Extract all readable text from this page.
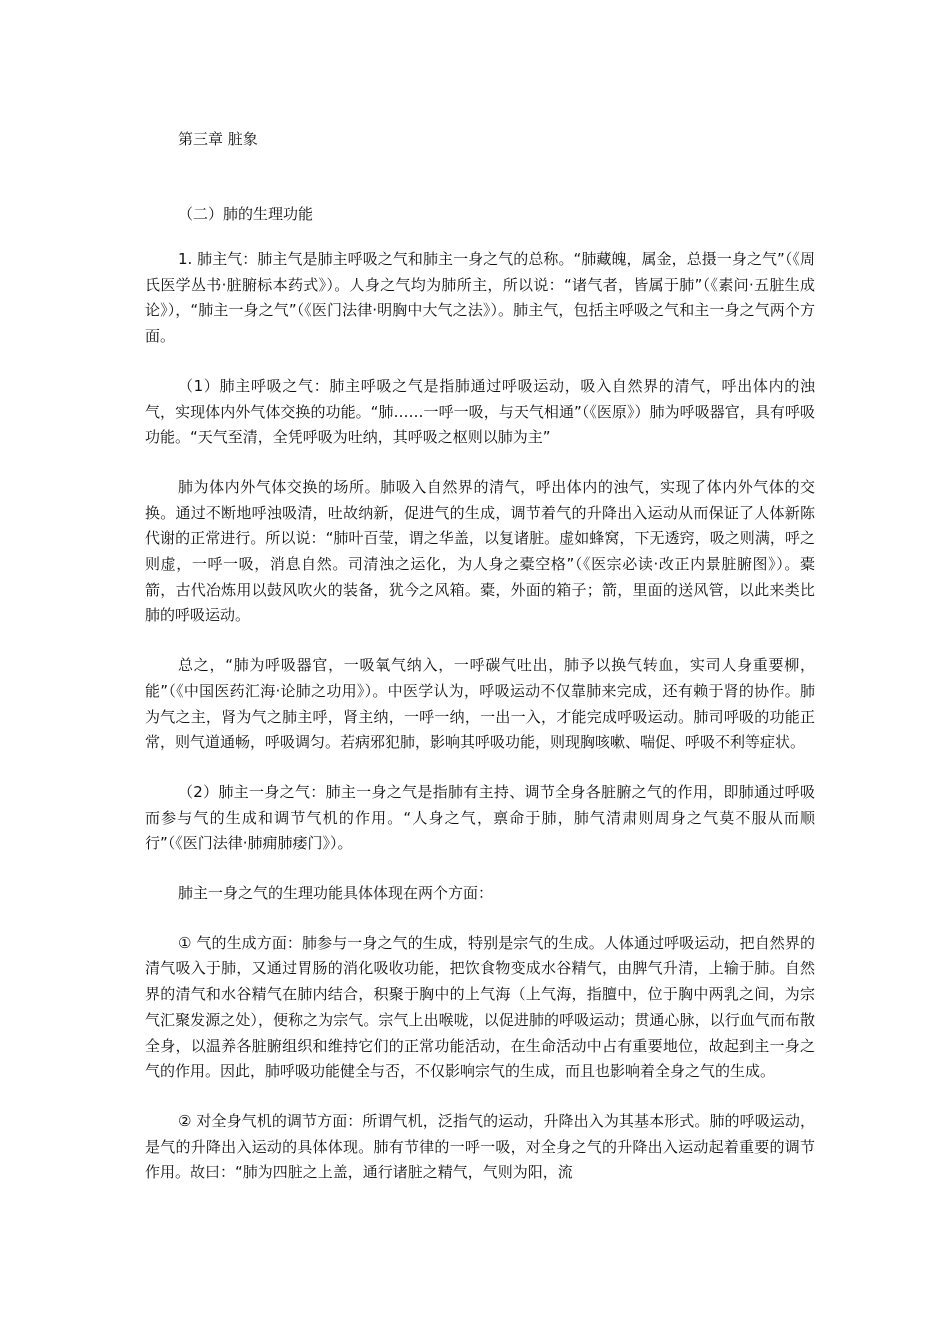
第三章 脏象
（二）肺的生理功能

1. 肺主气：肺主气是肺主呼吸之气和肺主一身之气的总称。“肺藏魄，属金，总摄一身之气”（《周氏医学丛书·脏腑标本药式》）。人身之气均为肺所主，所以说：“诸气者，皆属于肺”（《素问·五脏生成论》），“肺主一身之气”（《医门法律·明胸中大气之法》）。肺主气，包括主呼吸之气和主一身之气两个方面。

（1）肺主呼吸之气：肺主呼吸之气是指肺通过呼吸运动，吸入自然界的清气，呼出体内的浊气，实现体内外气体交换的功能。“肺……一呼一吸，与天气相通”（《医原》）肺为呼吸器官，具有呼吸功能。“天气至清，全凭呼吸为吐纳，其呼吸之枢则以肺为主”

肺为体内外气体交换的场所。肺吸入自然界的清气，呼出体内的浊气，实现了体内外气体的交换。通过不断地呼浊吸清，吐故纳新，促进气的生成，调节着气的升降出入运动从而保证了人体新陈代谢的正常进行。所以说：“肺叶百莹，谓之华盖，以复诸脏。虚如蜂窝，下无透窍，吸之则满，呼之则虚，一呼一吸，消息自然。司清浊之运化，为人身之橐空格”（《医宗必读·改正内景脏腑图》）。橐箭，古代冶炼用以鼓风吹火的装备，犹今之风箱。橐，外面的箱子；箭，里面的送风管，以此来类比肺的呼吸运动。

总之，“肺为呼吸器官，一吸氧气纳入，一呼碳气吐出，肺予以换气转血，实司人身重要柳，能”（《中国医药汇海·论肺之功用》）。中医学认为，呼吸运动不仅靠肺来完成，还有赖于肾的协作。肺为气之主，肾为气之肺主呼，肾主纳，一呼一纳，一出一入，才能完成呼吸运动。肺司呼吸的功能正常，则气道通畅，呼吸调匀。若病邪犯肺，影响其呼吸功能，则现胸咳嗽、喘促、呼吸不利等症状。

（2）肺主一身之气：肺主一身之气是指肺有主持、调节全身各脏腑之气的作用，即肺通过呼吸而参与气的生成和调节气机的作用。“人身之气，禀命于肺，肺气清肃则周身之气莫不服从而顺行”（《医门法律·肺痈肺痿门》）。

肺主一身之气的生理功能具体体现在两个方面：

① 气的生成方面：肺参与一身之气的生成，特别是宗气的生成。人体通过呼吸运动，把自然界的清气吸入于肺，又通过胃肠的消化吸收功能，把饮食物变成水谷精气，由脾气升清，上输于肺。自然界的清气和水谷精气在肺内结合，积聚于胸中的上气海（上气海，指膻中，位于胸中两乳之间，为宗气汇聚发源之处），便称之为宗气。宗气上出喉咙，以促进肺的呼吸运动；贯通心脉，以行血气而布散全身，以温养各脏腑组织和维持它们的正常功能活动，在生命活动中占有重要地位，故起到主一身之气的作用。因此，肺呼吸功能健全与否，不仅影响宗气的生成，而且也影响着全身之气的生成。

② 对全身气机的调节方面：所谓气机，泛指气的运动，升降出入为其基本形式。肺的呼吸运动，是气的升降出入运动的具体体现。肺有节律的一呼一吸，对全身之气的升降出入运动起着重要的调节作用。故曰：“肺为四脏之上盖，通行诸脏之精气，气则为阳，流
